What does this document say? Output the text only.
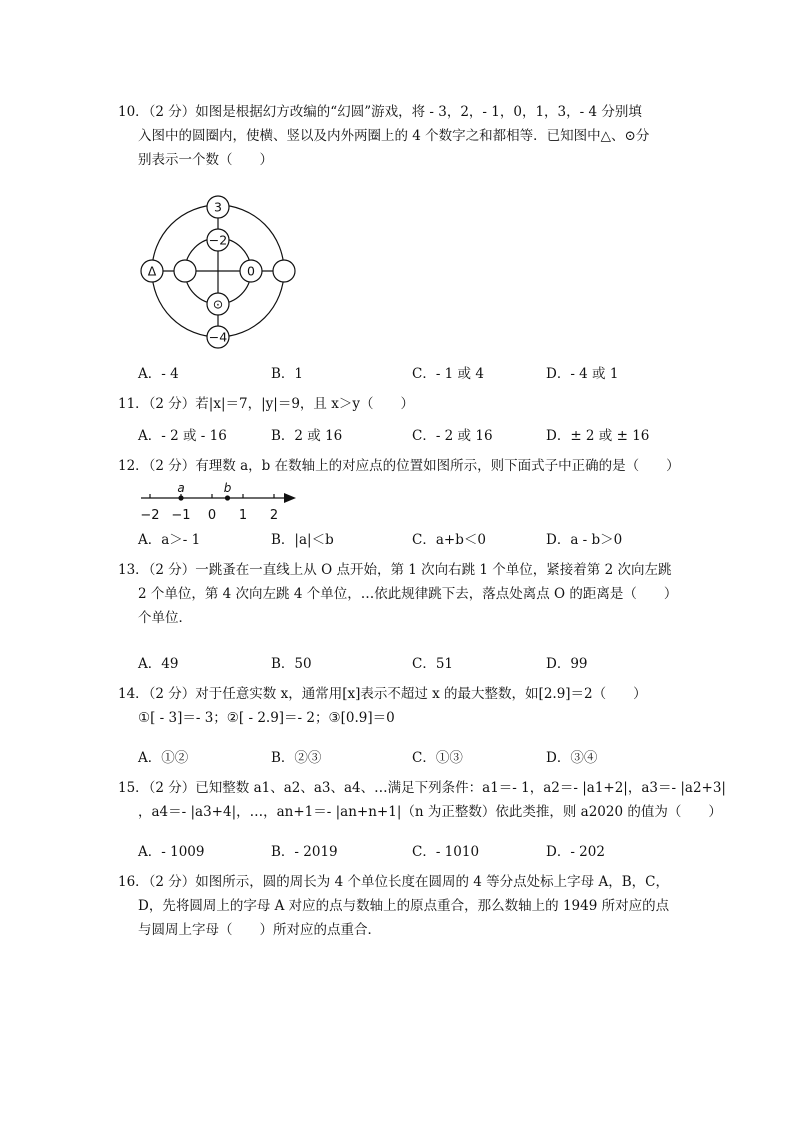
10．（2 分）如图是根据幻方改编的“幻圆”游戏，将 - 3，2，- 1，0，1，3，- 4 分别填
入图中的圆圈内，使横、竖以及内外两圈上的 4 个数字之和都相等．已知图中△、⊙分
别表示一个数（　　）
3
−2
Δ	0
⊙
−4
A．- 4	B．1	C．- 1 或 4	D．- 4 或 1
11．（2 分）若|x|＝7，|y|＝9，且 x＞y（　　）
A．- 2 或 - 16	B．2 或 16	C．- 2 或 16	D．± 2 或 ± 16
12．（2 分）有理数 a，b 在数轴上的对应点的位置如图所示，则下面式子中正确的是（　　）
−2 −1 0 1 2
a	b
A．a＞- 1	B．|a|＜b	C．a+b＜0	D．a - b＞0
13．（2 分）一跳蚤在一直线上从 O 点开始，第 1 次向右跳 1 个单位，紧接着第 2 次向左跳
2 个单位，第 4 次向左跳 4 个单位，…依此规律跳下去，落点处离点 O 的距离是（　　）
个单位．
A．49	B．50	C．51	D．99
14．（2 分）对于任意实数 x，通常用[x]表示不超过 x 的最大整数，如[2.9]＝2（　　）
①[ - 3]＝- 3；②[ - 2.9]＝- 2；③[0.9]＝0
A．①②	B．②③	C．①③	D．③④
15．（2 分）已知整数 a1、a2、a3、a4、…满足下列条件：a1＝- 1，a2＝- |a1+2|，a3＝- |a2+3|
，a4＝- |a3+4|，…，an+1＝- |an+n+1|（n 为正整数）依此类推，则 a2020 的值为（　　）
A．- 1009	B．- 2019	C．- 1010	D．- 202
16．（2 分）如图所示，圆的周长为 4 个单位长度在圆周的 4 等分点处标上字母 A，B，C，
D，先将圆周上的字母 A 对应的点与数轴上的原点重合，那么数轴上的 1949 所对应的点
与圆周上字母（　　）所对应的点重合．
